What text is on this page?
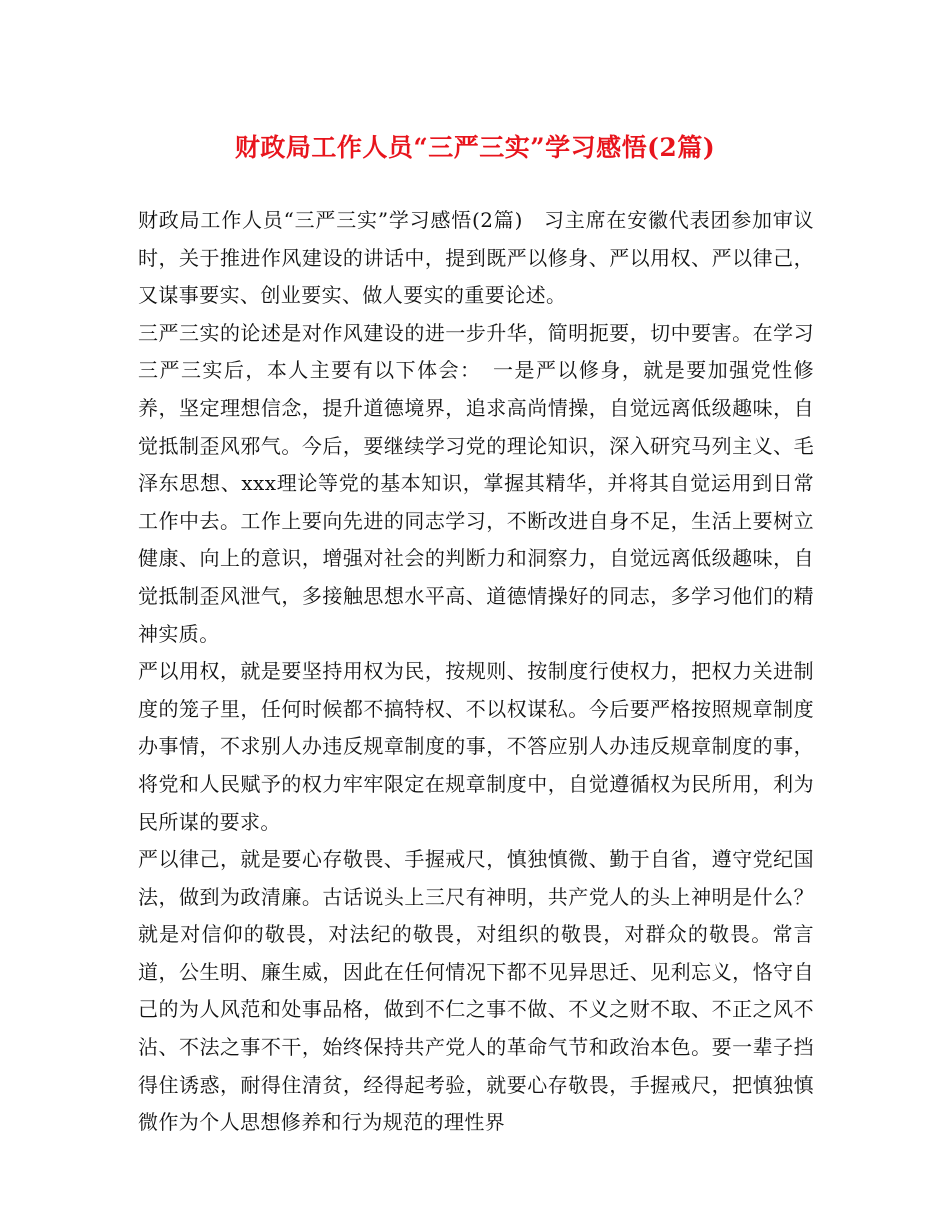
财政局工作人员“三严三实”学习感悟(2篇)

财政局工作人员“三严三实”学习感悟(2篇)　习主席在安徽代表团参加审议时，关于推进作风建设的讲话中，提到既严以修身、严以用权、严以律己，又谋事要实、创业要实、做人要实的重要论述。

三严三实的论述是对作风建设的进一步升华，简明扼要，切中要害。在学习三严三实后，本人主要有以下体会：　一是严以修身，就是要加强党性修养，坚定理想信念，提升道德境界，追求高尚情操，自觉远离低级趣味，自觉抵制歪风邪气。今后，要继续学习党的理论知识，深入研究马列主义、毛泽东思想、xxx理论等党的基本知识，掌握其精华，并将其自觉运用到日常工作中去。工作上要向先进的同志学习，不断改进自身不足，生活上要树立健康、向上的意识，增强对社会的判断力和洞察力，自觉远离低级趣味，自觉抵制歪风泄气，多接触思想水平高、道德情操好的同志，多学习他们的精神实质。

严以用权，就是要坚持用权为民，按规则、按制度行使权力，把权力关进制度的笼子里，任何时候都不搞特权、不以权谋私。今后要严格按照规章制度办事情，不求别人办违反规章制度的事，不答应别人办违反规章制度的事，将党和人民赋予的权力牢牢限定在规章制度中，自觉遵循权为民所用，利为民所谋的要求。

严以律己，就是要心存敬畏、手握戒尺，慎独慎微、勤于自省，遵守党纪国法，做到为政清廉。古话说头上三尺有神明，共产党人的头上神明是什么？就是对信仰的敬畏，对法纪的敬畏，对组织的敬畏，对群众的敬畏。常言道，公生明、廉生威，因此在任何情况下都不见异思迁、见利忘义，恪守自己的为人风范和处事品格，做到不仁之事不做、不义之财不取、不正之风不沾、不法之事不干，始终保持共产党人的革命气节和政治本色。要一辈子挡得住诱惑，耐得住清贫，经得起考验，就要心存敬畏，手握戒尺，把慎独慎微作为个人思想修养和行为规范的理性界
